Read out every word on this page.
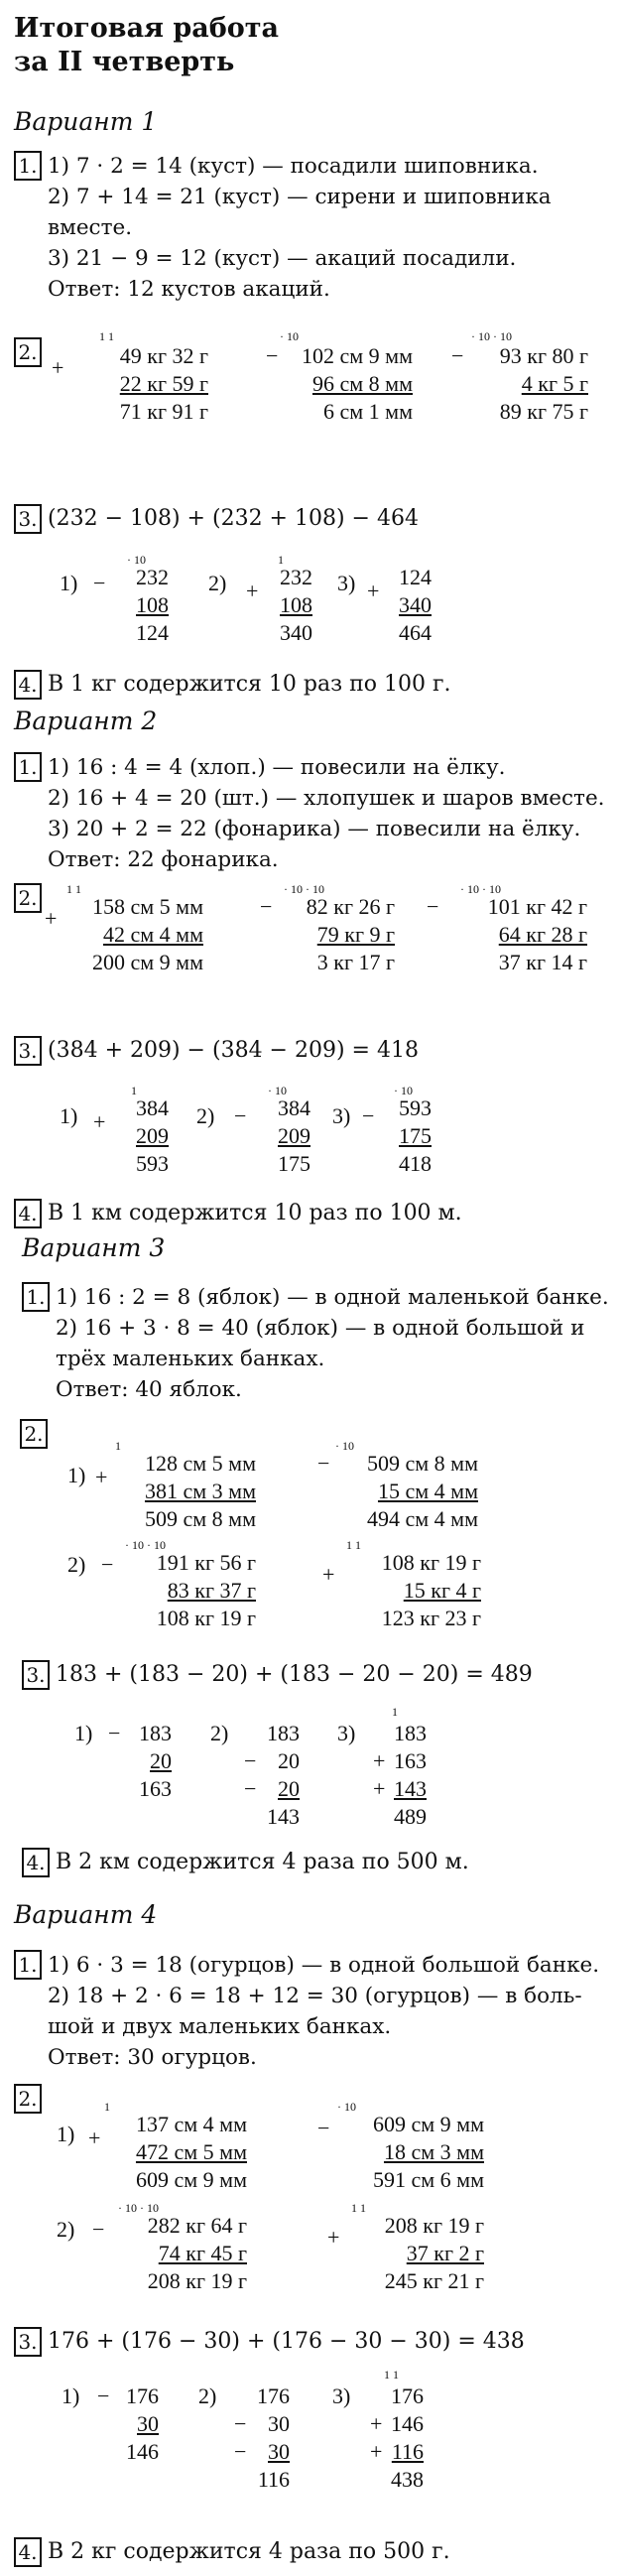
Итоговая работа
за II четверть
Вариант 1
1. 1) 7 · 2 = 14 (куст) — посадили шиповника.
2) 7 + 14 = 21 (куст) — сирени и шиповника
вместе.
3) 21 − 9 = 12 (куст) — акаций посадили.
Ответ: 12 кустов акаций.
2.
1 1
+	49 кг 32 г
22 кг 59 г
71 кг 91 г
· 10
− 102 см 9 мм
96 см 8 мм
6 см 1 мм
· 10 · 10
− 93 кг 80 г
4 кг 5 г
89 кг 75 г
3. (232 − 108) + (232 + 108) − 464
1) −
· 10
232
108
124
2) +
1
232
108
340
3) +
124
340
464
4. В 1 кг содержится 10 раз по 100 г.
Вариант 2
1. 1) 16 : 4 = 4 (хлоп.) — повесили на ёлку.
2) 16 + 4 = 20 (шт.) — хлопушек и шаров вместе.
3) 20 + 2 = 22 (фонарика) — повесили на ёлку.
Ответ: 22 фонарика.
2.	1 1
+ 158 см 5 мм
42 см 4 мм
200 см 9 мм
· 10 · 10
− 82 кг 26 г
79 кг 9 г
3 кг 17 г
· 10 · 10
− 101 кг 42 г
64 кг 28 г
37 кг 14 г
3. (384 + 209) − (384 − 209) = 418
1) +
1
384
209
593
2) −
· 10
384
209
175
3) −
· 10
593
175
418
4. В 1 км содержится 10 раз по 100 м.
Вариант 3
1. 1) 16 : 2 = 8 (яблок) — в одной маленькой банке.
2) 16 + 3 · 8 = 40 (яблок) — в одной большой и
трёх маленьких банках.
Ответ: 40 яблок.
2.
1) +
1
128 см 5 мм
381 см 3 мм
509 см 8 мм
−
· 10
509 см 8 мм
15 см 4 мм
494 см 4 мм
2) −
· 10 · 10
191 кг 56 г
83 кг 37 г
108 кг 19 г
+
1 1
108 кг 19 г
15 кг 4 г
123 кг 23 г
3. 183 + (183 − 20) + (183 − 20 − 20) = 489
1) − 183
20
163
2)
−
−
183
20
20
143
3)
+
+
1
183
163
143
489
4. В 2 км содержится 4 раза по 500 м.
Вариант 4
1. 1) 6 · 3 = 18 (огурцов) — в одной большой банке.
2) 18 + 2 · 6 = 18 + 12 = 30 (огурцов) — в боль-
шой и двух маленьких банках.
Ответ: 30 огурцов.
2.
1) +
1
137 см 4 мм
472 см 5 мм
609 см 9 мм
−
· 10
609 см 9 мм
18 см 3 мм
591 см 6 мм
2) −
· 10 · 10
282 кг 64 г
74 кг 45 г
208 кг 19 г
+
1 1
208 кг 19 г
37 кг 2 г
245 кг 21 г
3. 176 + (176 − 30) + (176 − 30 − 30) = 438
1) − 176
30
146
2)
−
−
176
30
30
116
3)
+
+
1 1
176
146
116
438
4. В 2 кг содержится 4 раза по 500 г.
